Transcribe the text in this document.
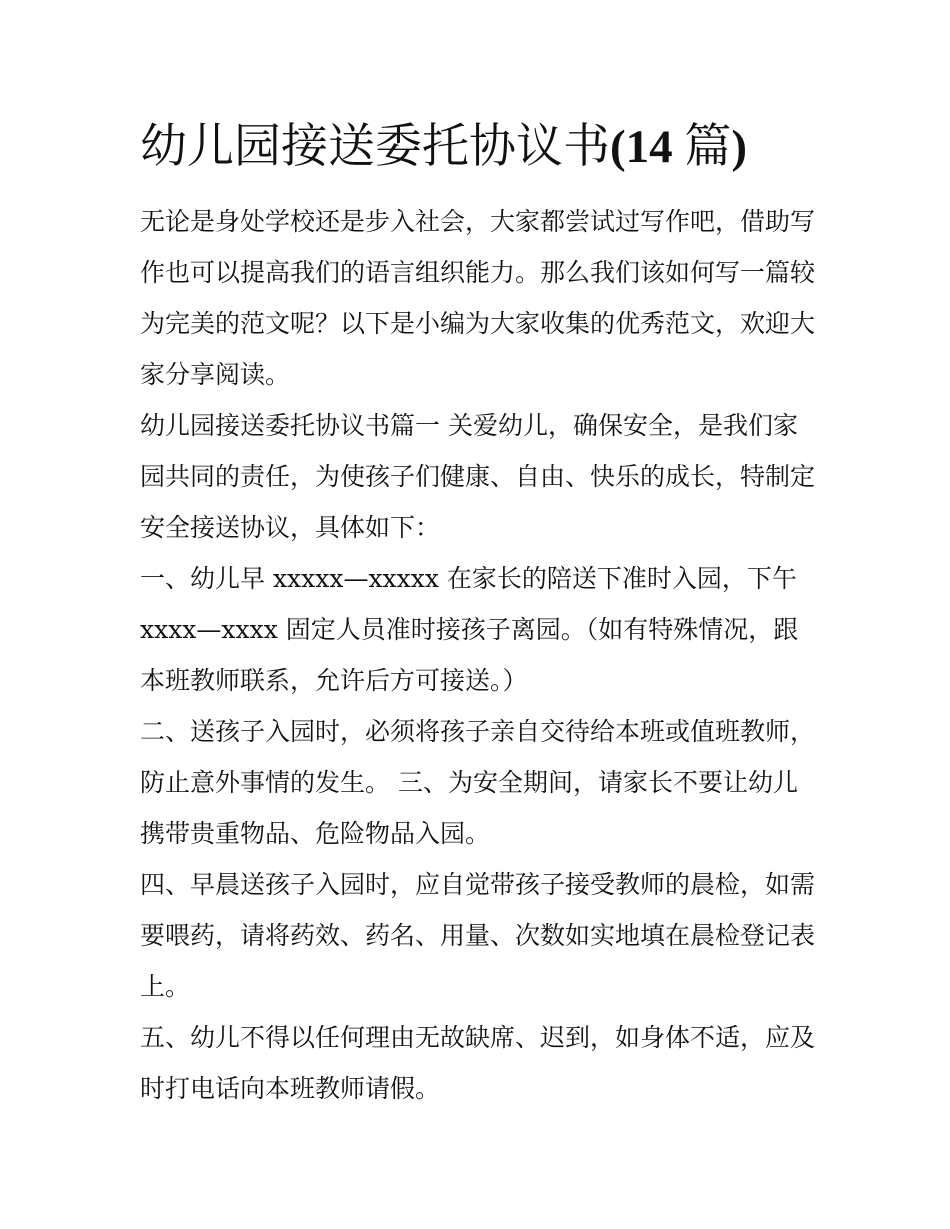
幼儿园接送委托协议书(14 篇)

无论是身处学校还是步入社会，大家都尝试过写作吧，借助写
作也可以提高我们的语言组织能力。那么我们该如何写一篇较
为完美的范文呢？以下是小编为大家收集的优秀范文，欢迎大
家分享阅读。

幼儿园接送委托协议书篇一 关爱幼儿，确保安全，是我们家
园共同的责任，为使孩子们健康、自由、快乐的成长，特制定
安全接送协议，具体如下：

一、幼儿早 xxxxx—xxxxx 在家长的陪送下准时入园，下午
xxxx—xxxx 固定人员准时接孩子离园。（如有特殊情况，跟
本班教师联系，允许后方可接送。）

二、送孩子入园时，必须将孩子亲自交待给本班或值班教师，
防止意外事情的发生。 三、为安全期间，请家长不要让幼儿
携带贵重物品、危险物品入园。

四、早晨送孩子入园时，应自觉带孩子接受教师的晨检，如需
要喂药，请将药效、药名、用量、次数如实地填在晨检登记表
上。

五、幼儿不得以任何理由无故缺席、迟到，如身体不适，应及
时打电话向本班教师请假。
